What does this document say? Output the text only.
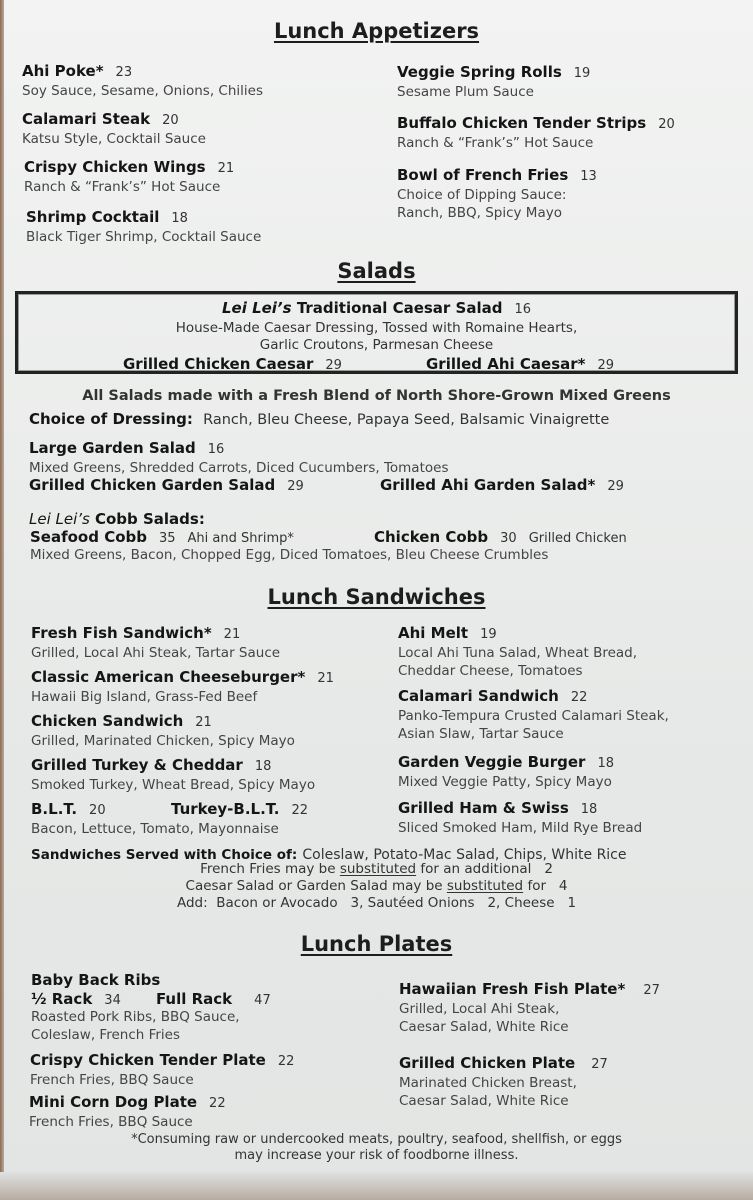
Lunch Appetizers
Ahi Poke* 23
Soy Sauce, Sesame, Onions, Chilies
Calamari Steak 20
Katsu Style, Cocktail Sauce
Crispy Chicken Wings 21
Ranch & “Frank’s” Hot Sauce
Shrimp Cocktail 18
Black Tiger Shrimp, Cocktail Sauce
Veggie Spring Rolls 19
Sesame Plum Sauce
Buffalo Chicken Tender Strips 20
Ranch & “Frank’s” Hot Sauce
Bowl of French Fries 13
Choice of Dipping Sauce:
Ranch, BBQ, Spicy Mayo
Salads
Lei Lei’s Traditional Caesar Salad 16
House-Made Caesar Dressing, Tossed with Romaine Hearts,
Garlic Croutons, Parmesan Cheese
Grilled Chicken Caesar 29	Grilled Ahi Caesar* 29
All Salads made with a Fresh Blend of North Shore-Grown Mixed Greens
Choice of Dressing: Ranch, Bleu Cheese, Papaya Seed, Balsamic Vinaigrette
Large Garden Salad 16
Mixed Greens, Shredded Carrots, Diced Cucumbers, Tomatoes
Grilled Chicken Garden Salad 29	Grilled Ahi Garden Salad* 29
Lei Lei’s Cobb Salads:
Seafood Cobb 35 Ahi and Shrimp*	Chicken Cobb 30 Grilled Chicken
Mixed Greens, Bacon, Chopped Egg, Diced Tomatoes, Bleu Cheese Crumbles
Lunch Sandwiches
Fresh Fish Sandwich* 21
Grilled, Local Ahi Steak, Tartar Sauce
Classic American Cheeseburger* 21
Hawaii Big Island, Grass-Fed Beef
Chicken Sandwich 21
Grilled, Marinated Chicken, Spicy Mayo
Grilled Turkey & Cheddar 18
Smoked Turkey, Wheat Bread, Spicy Mayo
B.L.T. 20
Bacon, Lettuce, Tomato, Mayonnaise
Turkey-B.L.T. 22
Ahi Melt 19
Local Ahi Tuna Salad, Wheat Bread,
Cheddar Cheese, Tomatoes
Calamari Sandwich 22
Panko-Tempura Crusted Calamari Steak,
Asian Slaw, Tartar Sauce
Garden Veggie Burger 18
Mixed Veggie Patty, Spicy Mayo
Grilled Ham & Swiss 18
Sliced Smoked Ham, Mild Rye Bread
Sandwiches Served with Choice of: Coleslaw, Potato-Mac Salad, Chips, White Rice
French Fries may be substituted for an additional 2
Caesar Salad or Garden Salad may be substituted for 4
Add:  Bacon or Avocado   3, Sautéed Onions   2, Cheese   1
Lunch Plates
Baby Back Ribs
½ Rack 34 Full Rack 47
Roasted Pork Ribs, BBQ Sauce,
Coleslaw, French Fries
Crispy Chicken Tender Plate 22
French Fries, BBQ Sauce
Mini Corn Dog Plate 22
French Fries, BBQ Sauce
Hawaiian Fresh Fish Plate* 27
Grilled, Local Ahi Steak,
Caesar Salad, White Rice
Grilled Chicken Plate 27
Marinated Chicken Breast,
Caesar Salad, White Rice
*Consuming raw or undercooked meats, poultry, seafood, shellfish, or eggs
may increase your risk of foodborne illness.
